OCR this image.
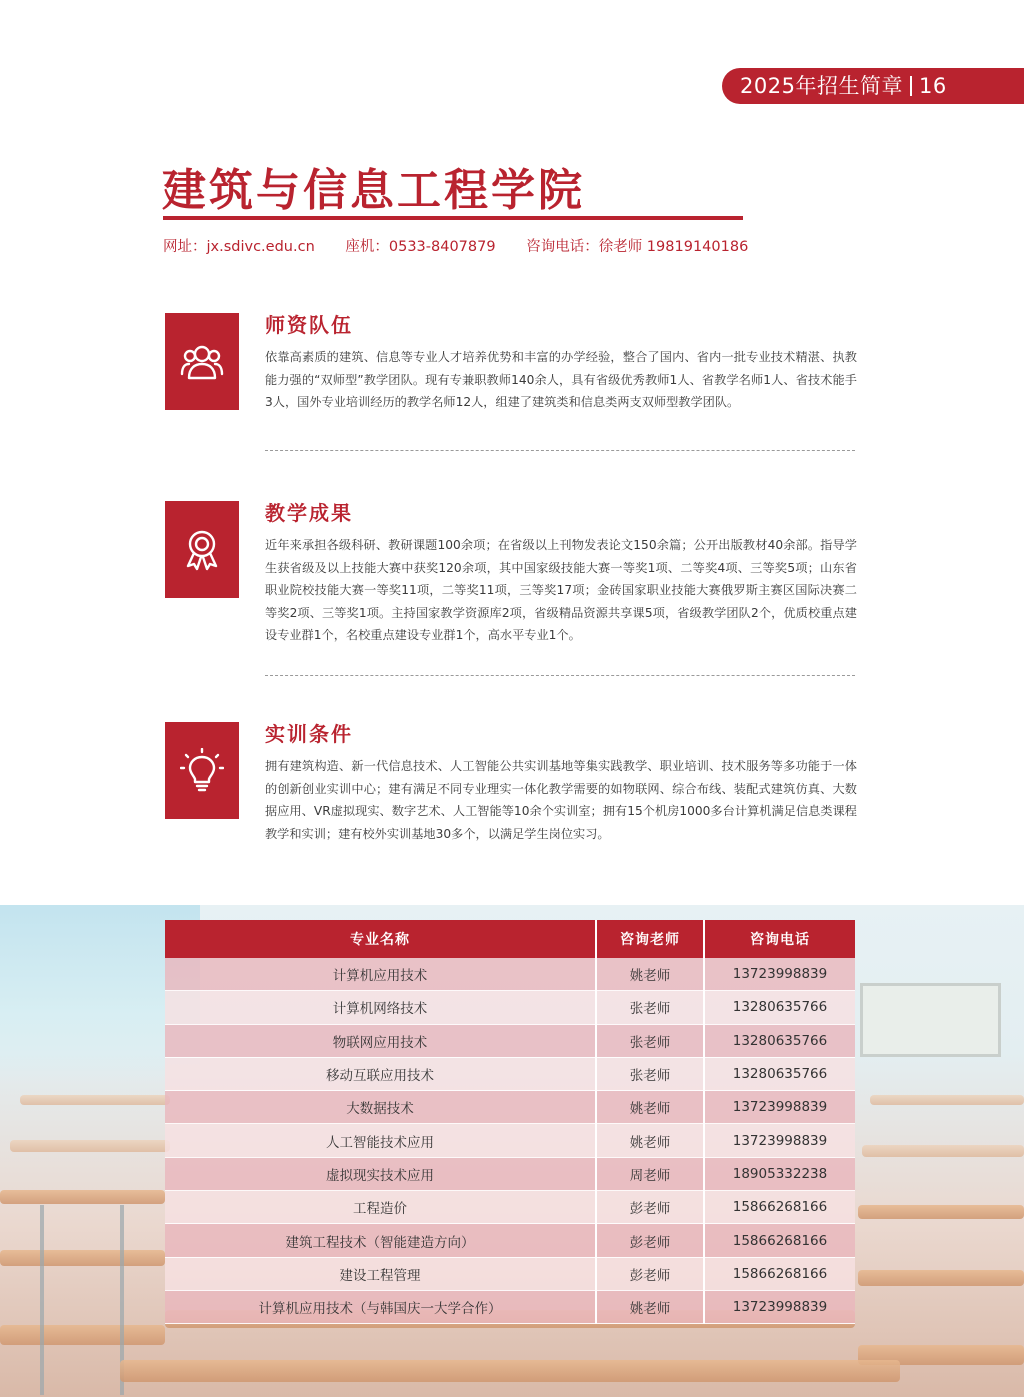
2025年招生简章 16
建筑与信息工程学院
网址：jx.sdivc.edu.cn 座机：0533-8407879 咨询电话：徐老师 19819140186
师资队伍
依靠高素质的建筑、信息等专业人才培养优势和丰富的办学经验，整合了国内、省内一批专业技术精湛、执教能力强的“双师型”教学团队。现有专兼职教师140余人，具有省级优秀教师1人、省教学名师1人、省技术能手3人，国外专业培训经历的教学名师12人，组建了建筑类和信息类两支双师型教学团队。
教学成果
近年来承担各级科研、教研课题100余项；在省级以上刊物发表论文150余篇；公开出版教材40余部。指导学生获省级及以上技能大赛中获奖120余项，其中国家级技能大赛一等奖1项、二等奖4项、三等奖5项；山东省职业院校技能大赛一等奖11项，二等奖11项，三等奖17项；金砖国家职业技能大赛俄罗斯主赛区国际决赛二等奖2项、三等奖1项。主持国家教学资源库2项，省级精品资源共享课5项，省级教学团队2个，优质校重点建设专业群1个，名校重点建设专业群1个，高水平专业1个。
实训条件
拥有建筑构造、新一代信息技术、人工智能公共实训基地等集实践教学、职业培训、技术服务等多功能于一体的创新创业实训中心；建有满足不同专业理实一体化教学需要的如物联网、综合布线、装配式建筑仿真、大数据应用、VR虚拟现实、数字艺术、人工智能等10余个实训室；拥有15个机房1000多台计算机满足信息类课程教学和实训；建有校外实训基地30多个，以满足学生岗位实习。
专业名称	咨询老师	咨询电话
计算机应用技术	姚老师	13723998839
计算机网络技术	张老师	13280635766
物联网应用技术	张老师	13280635766
移动互联应用技术	张老师	13280635766
大数据技术	姚老师	13723998839
人工智能技术应用	姚老师	13723998839
虚拟现实技术应用	周老师	18905332238
工程造价	彭老师	15866268166
建筑工程技术（智能建造方向）	彭老师	15866268166
建设工程管理	彭老师	15866268166
计算机应用技术（与韩国庆一大学合作）	姚老师	13723998839
